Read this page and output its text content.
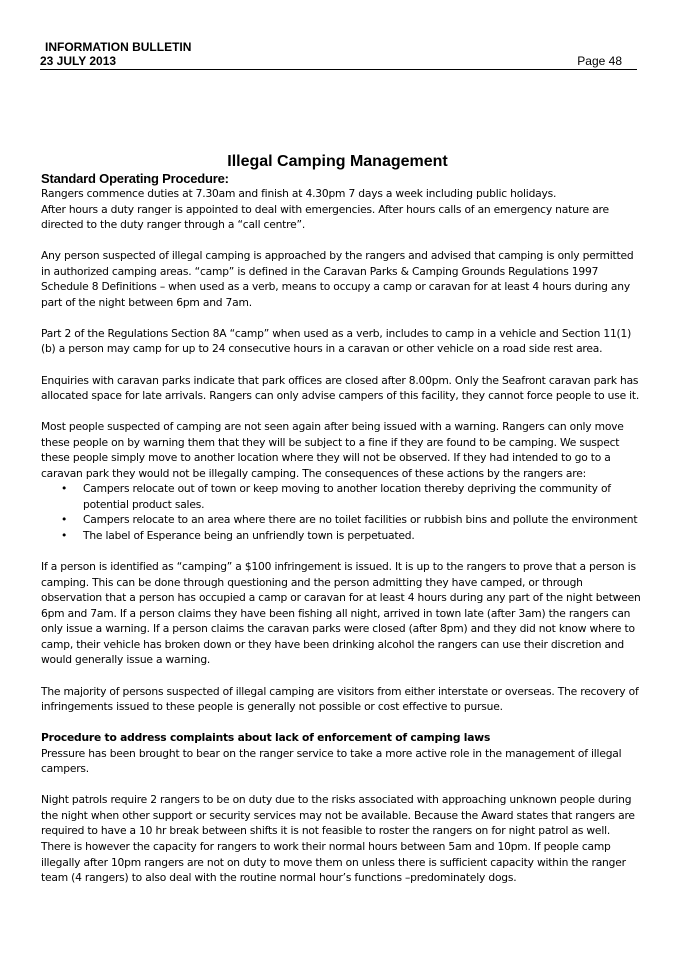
INFORMATION BULLETIN
23 JULY 2013	Page 48
Illegal Camping Management

Standard Operating Procedure:

Rangers commence duties at 7.30am and finish at 4.30pm 7 days a week including public holidays.

After hours a duty ranger is appointed to deal with emergencies. After hours calls of an emergency nature are directed to the duty ranger through a “call centre”.

Any person suspected of illegal camping is approached by the rangers and advised that camping is only permitted in authorized camping areas. “camp” is defined in the Caravan Parks & Camping Grounds Regulations 1997 Schedule 8 Definitions – when used as a verb, means to occupy a camp or caravan for at least 4 hours during any part of the night between 6pm and 7am.

Part 2 of the Regulations Section 8A “camp” when used as a verb, includes to camp in a vehicle and Section 11(1) (b) a person may camp for up to 24 consecutive hours in a caravan or other vehicle on a road side rest area.

Enquiries with caravan parks indicate that park offices are closed after 8.00pm. Only the Seafront caravan park has allocated space for late arrivals. Rangers can only advise campers of this facility, they cannot force people to use it.

Most people suspected of camping are not seen again after being issued with a warning. Rangers can only move these people on by warning them that they will be subject to a fine if they are found to be camping. We suspect these people simply move to another location where they will not be observed. If they had intended to go to a caravan park they would not be illegally camping. The consequences of these actions by the rangers are:

• Campers relocate out of town or keep moving to another location thereby depriving the community of potential product sales.
• Campers relocate to an area where there are no toilet facilities or rubbish bins and pollute the environment
• The label of Esperance being an unfriendly town is perpetuated.

If a person is identified as “camping” a $100 infringement is issued. It is up to the rangers to prove that a person is camping. This can be done through questioning and the person admitting they have camped, or through observation that a person has occupied a camp or caravan for at least 4 hours during any part of the night between 6pm and 7am. If a person claims they have been fishing all night, arrived in town late (after 3am) the rangers can only issue a warning. If a person claims the caravan parks were closed (after 8pm) and they did not know where to camp, their vehicle has broken down or they have been drinking alcohol the rangers can use their discretion and would generally issue a warning.

The majority of persons suspected of illegal camping are visitors from either interstate or overseas. The recovery of infringements issued to these people is generally not possible or cost effective to pursue.

Procedure to address complaints about lack of enforcement of camping laws

Pressure has been brought to bear on the ranger service to take a more active role in the management of illegal campers.

Night patrols require 2 rangers to be on duty due to the risks associated with approaching unknown people during the night when other support or security services may not be available. Because the Award states that rangers are required to have a 10 hr break between shifts it is not feasible to roster the rangers on for night patrol as well. There is however the capacity for rangers to work their normal hours between 5am and 10pm. If people camp illegally after 10pm rangers are not on duty to move them on unless there is sufficient capacity within the ranger team (4 rangers) to also deal with the routine normal hour’s functions –predominately dogs.
